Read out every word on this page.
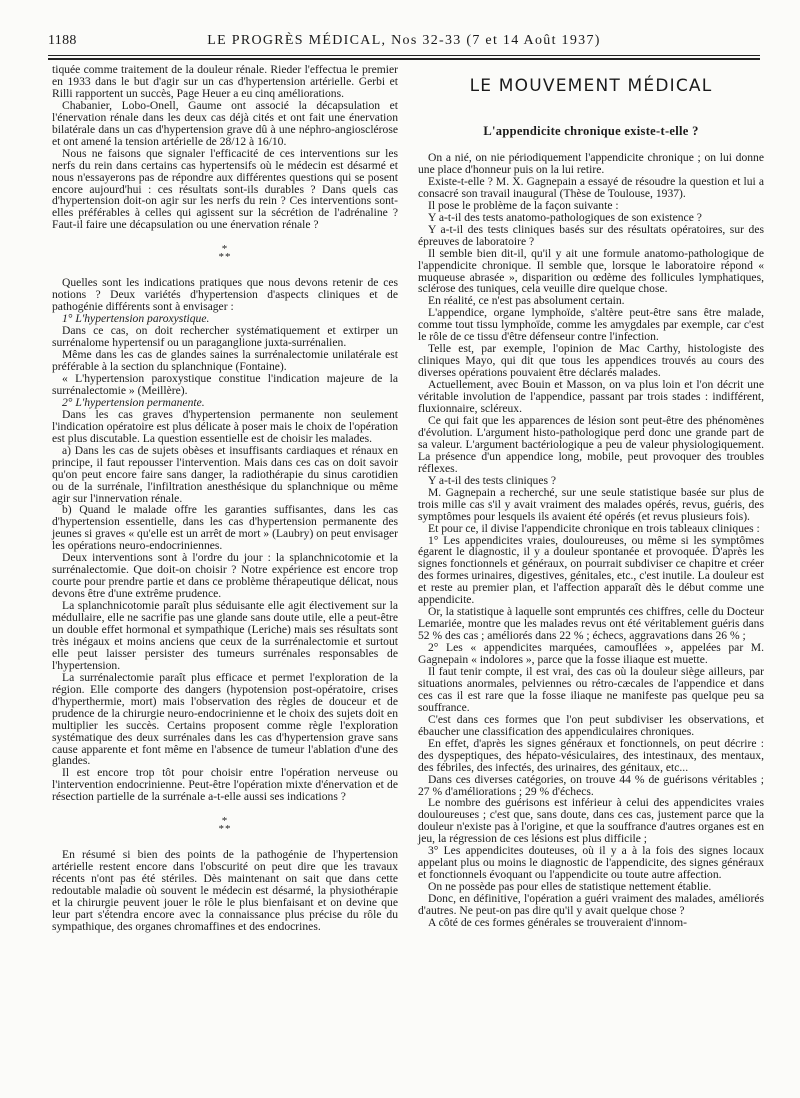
1188	LE PROGRÈS MÉDICAL, Nos 32-33 (7 et 14 Août 1937)

tiquée comme traitement de la douleur rénale. Rieder l'effectua le premier en 1933 dans le but d'agir sur un cas d'hypertension artérielle. Gerbi et Rilli rapportent un succès, Page Heuer a eu cinq améliorations.

Chabanier, Lobo-Onell, Gaume ont associé la décapsulation et l'énervation rénale dans les deux cas déjà cités et ont fait une énervation bilatérale dans un cas d'hypertension grave dû à une néphro-angiosclérose et ont amené la tension artérielle de 28/12 à 16/10.

Nous ne faisons que signaler l'efficacité de ces interventions sur les nerfs du rein dans certains cas hypertensifs où le médecin est désarmé et nous n'essayerons pas de répondre aux différentes questions qui se posent encore aujourd'hui : ces résultats sont-ils durables ? Dans quels cas d'hypertension doit-on agir sur les nerfs du rein ? Ces interventions sont-elles préférables à celles qui agissent sur la sécrétion de l'adrénaline ? Faut-il faire une décapsulation ou une énervation rénale ?

*
**

Quelles sont les indications pratiques que nous devons retenir de ces notions ? Deux variétés d'hypertension d'aspects cliniques et de pathogénie différents sont à envisager :

1° L'hypertension paroxystique.

Dans ce cas, on doit rechercher systématiquement et extirper un surrénalome hypertensif ou un paraganglione juxta-surrénalien.

Même dans les cas de glandes saines la surrénalectomie unilatérale est préférable à la section du splanchnique (Fontaine).

« L'hypertension paroxystique constitue l'indication majeure de la surrénalectomie » (Meillère).

2° L'hypertension permanente.

Dans les cas graves d'hypertension permanente non seulement l'indication opératoire est plus délicate à poser mais le choix de l'opération est plus discutable. La question essentielle est de choisir les malades.

a) Dans les cas de sujets obèses et insuffisants cardiaques et rénaux en principe, il faut repousser l'intervention. Mais dans ces cas on doit savoir qu'on peut encore faire sans danger, la radiothérapie du sinus carotidien ou de la surrénale, l'infiltration anesthésique du splanchnique ou même agir sur l'innervation rénale.

b) Quand le malade offre les garanties suffisantes, dans les cas d'hypertension essentielle, dans les cas d'hypertension permanente des jeunes si graves « qu'elle est un arrêt de mort » (Laubry) on peut envisager les opérations neuro-endocriniennes.

Deux interventions sont à l'ordre du jour : la splanchnicotomie et la surrénalectomie. Que doit-on choisir ? Notre expérience est encore trop courte pour prendre partie et dans ce problème thérapeutique délicat, nous devons être d'une extrême prudence.

La splanchnicotomie paraît plus séduisante elle agit électivement sur la médullaire, elle ne sacrifie pas une glande sans doute utile, elle a peut-être un double effet hormonal et sympathique (Leriche) mais ses résultats sont très inégaux et moins anciens que ceux de la surrénalectomie et surtout elle peut laisser persister des tumeurs surrénales responsables de l'hypertension.

La surrénalectomie paraît plus efficace et permet l'exploration de la région. Elle comporte des dangers (hypotension post-opératoire, crises d'hyperthermie, mort) mais l'observation des règles de douceur et de prudence de la chirurgie neuro-endocrinienne et le choix des sujets doit en multiplier les succès. Certains proposent comme règle l'exploration systématique des deux surrénales dans les cas d'hypertension grave sans cause apparente et font même en l'absence de tumeur l'ablation d'une des glandes.

Il est encore trop tôt pour choisir entre l'opération nerveuse ou l'intervention endocrinienne. Peut-être l'opération mixte d'énervation et de résection partielle de la surrénale a-t-elle aussi ses indications ?

*
**

En résumé si bien des points de la pathogénie de l'hypertension artérielle restent encore dans l'obscurité on peut dire que les travaux récents n'ont pas été stériles. Dès maintenant on sait que dans cette redoutable maladie où souvent le médecin est désarmé, la physiothérapie et la chirurgie peuvent jouer le rôle le plus bienfaisant et on devine que leur part s'étendra encore avec la connaissance plus précise du rôle du sympathique, des organes chromaffines et des endocrines.

LE MOUVEMENT MÉDICAL
L'appendicite chronique existe-t-elle ?

On a nié, on nie périodiquement l'appendicite chronique ; on lui donne une place d'honneur puis on la lui retire.

Existe-t-elle ? M. X. Gagnepain a essayé de résoudre la question et lui a consacré son travail inaugural (Thèse de Toulouse, 1937).

Il pose le problème de la façon suivante :

Y a-t-il des tests anatomo-pathologiques de son existence ?

Y a-t-il des tests cliniques basés sur des résultats opératoires, sur des épreuves de laboratoire ?

Il semble bien dit-il, qu'il y ait une formule anatomo-pathologique de l'appendicite chronique. Il semble que, lorsque le laboratoire répond « muqueuse abrasée », disparition ou œdème des follicules lymphatiques, sclérose des tuniques, cela veuille dire quelque chose.

En réalité, ce n'est pas absolument certain.

L'appendice, organe lymphoïde, s'altère peut-être sans être malade, comme tout tissu lymphoïde, comme les amygdales par exemple, car c'est le rôle de ce tissu d'être défenseur contre l'infection.

Telle est, par exemple, l'opinion de Mac Carthy, histologiste des cliniques Mayo, qui dit que tous les appendices trouvés au cours des diverses opérations pouvaient être déclarés malades.

Actuellement, avec Bouin et Masson, on va plus loin et l'on décrit une véritable involution de l'appendice, passant par trois stades : indifférent, fluxionnaire, scléreux.

Ce qui fait que les apparences de lésion sont peut-être des phénomènes d'évolution. L'argument histo-pathologique perd donc une grande part de sa valeur. L'argument bactériologique a peu de valeur physiologiquement. La présence d'un appendice long, mobile, peut provoquer des troubles réflexes.

Y a-t-il des tests cliniques ?

M. Gagnepain a recherché, sur une seule statistique basée sur plus de trois mille cas s'il y avait vraiment des malades opérés, revus, guéris, des symptômes pour lesquels ils avaient été opérés (et revus plusieurs fois).

Et pour ce, il divise l'appendicite chronique en trois tableaux cliniques :

1° Les appendicites vraies, douloureuses, ou même si les symptômes égarent le diagnostic, il y a douleur spontanée et provoquée. D'après les signes fonctionnels et généraux, on pourrait subdiviser ce chapitre et créer des formes urinaires, digestives, génitales, etc., c'est inutile. La douleur est et reste au premier plan, et l'affection apparaît dès le début comme une appendicite.

Or, la statistique à laquelle sont empruntés ces chiffres, celle du Docteur Lemariée, montre que les malades revus ont été véritablement guéris dans 52 % des cas ; améliorés dans 22 % ; échecs, aggravations dans 26 % ;

2° Les « appendicites marquées, camouflées », appelées par M. Gagnepain « indolores », parce que la fosse iliaque est muette.

Il faut tenir compte, il est vrai, des cas où la douleur siège ailleurs, par situations anormales, pelviennes ou rétro-cæcales de l'appendice et dans ces cas il est rare que la fosse iliaque ne manifeste pas quelque peu sa souffrance.

C'est dans ces formes que l'on peut subdiviser les observations, et ébaucher une classification des appendiculaires chroniques.

En effet, d'après les signes généraux et fonctionnels, on peut décrire : des dyspeptiques, des hépato-vésiculaires, des intestinaux, des mentaux, des fébriles, des infectés, des urinaires, des génitaux, etc...

Dans ces diverses catégories, on trouve 44 % de guérisons véritables ; 27 % d'améliorations ; 29 % d'échecs.

Le nombre des guérisons est inférieur à celui des appendicites vraies douloureuses ; c'est que, sans doute, dans ces cas, justement parce que la douleur n'existe pas à l'origine, et que la souffrance d'autres organes est en jeu, la régression de ces lésions est plus difficile ;

3° Les appendicites douteuses, où il y a à la fois des signes locaux appelant plus ou moins le diagnostic de l'appendicite, des signes généraux et fonctionnels évoquant ou l'appendicite ou toute autre affection.

On ne possède pas pour elles de statistique nettement établie.

Donc, en définitive, l'opération a guéri vraiment des malades, améliorés d'autres. Ne peut-on pas dire qu'il y avait quelque chose ?

A côté de ces formes générales se trouveraient d'innom-
